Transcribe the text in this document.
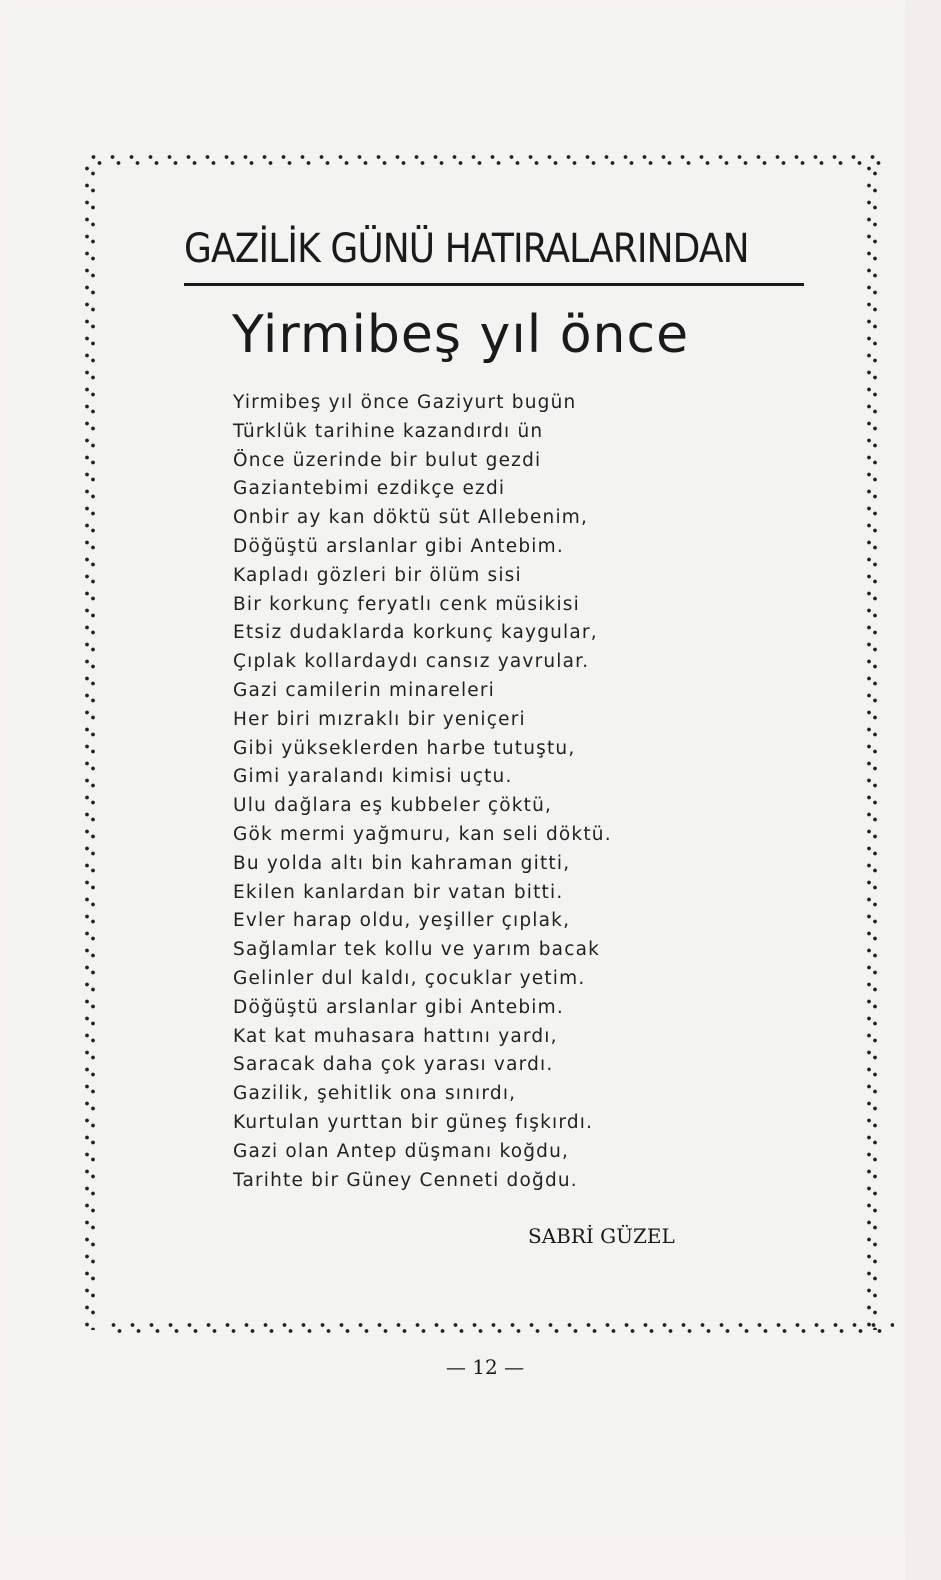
GAZİLİK GÜNÜ HATIRALARINDAN
Yirmibeş yıl önce
Yirmibeş yıl önce Gaziyurt bugün
Türklük tarihine kazandırdı ün
Önce üzerinde bir bulut gezdi
Gaziantebimi ezdikçe ezdi
Onbir ay kan döktü süt Allebenim,
Döğüştü arslanlar gibi Antebim.
Kapladı gözleri bir ölüm sisi
Bir korkunç feryatlı cenk müsikisi
Etsiz dudaklarda korkunç kaygular,
Çıplak kollardaydı cansız yavrular.
Gazi camilerin minareleri
Her biri mızraklı bir yeniçeri
Gibi yükseklerden harbe tutuştu,
Gimi yaralandı kimisi uçtu.
Ulu dağlara eş kubbeler çöktü,
Gök mermi yağmuru, kan seli döktü.
Bu yolda altı bin kahraman gitti,
Ekilen kanlardan bir vatan bitti.
Evler harap oldu, yeşiller çıplak,
Sağlamlar tek kollu ve yarım bacak
Gelinler dul kaldı, çocuklar yetim.
Döğüştü arslanlar gibi Antebim.
Kat kat muhasara hattını yardı,
Saracak daha çok yarası vardı.
Gazilik, şehitlik ona sınırdı,
Kurtulan yurttan bir güneş fışkırdı.
Gazi olan Antep düşmanı koğdu,
Tarihte bir Güney Cenneti doğdu.

SABRİ GÜZEL

— 12 —
